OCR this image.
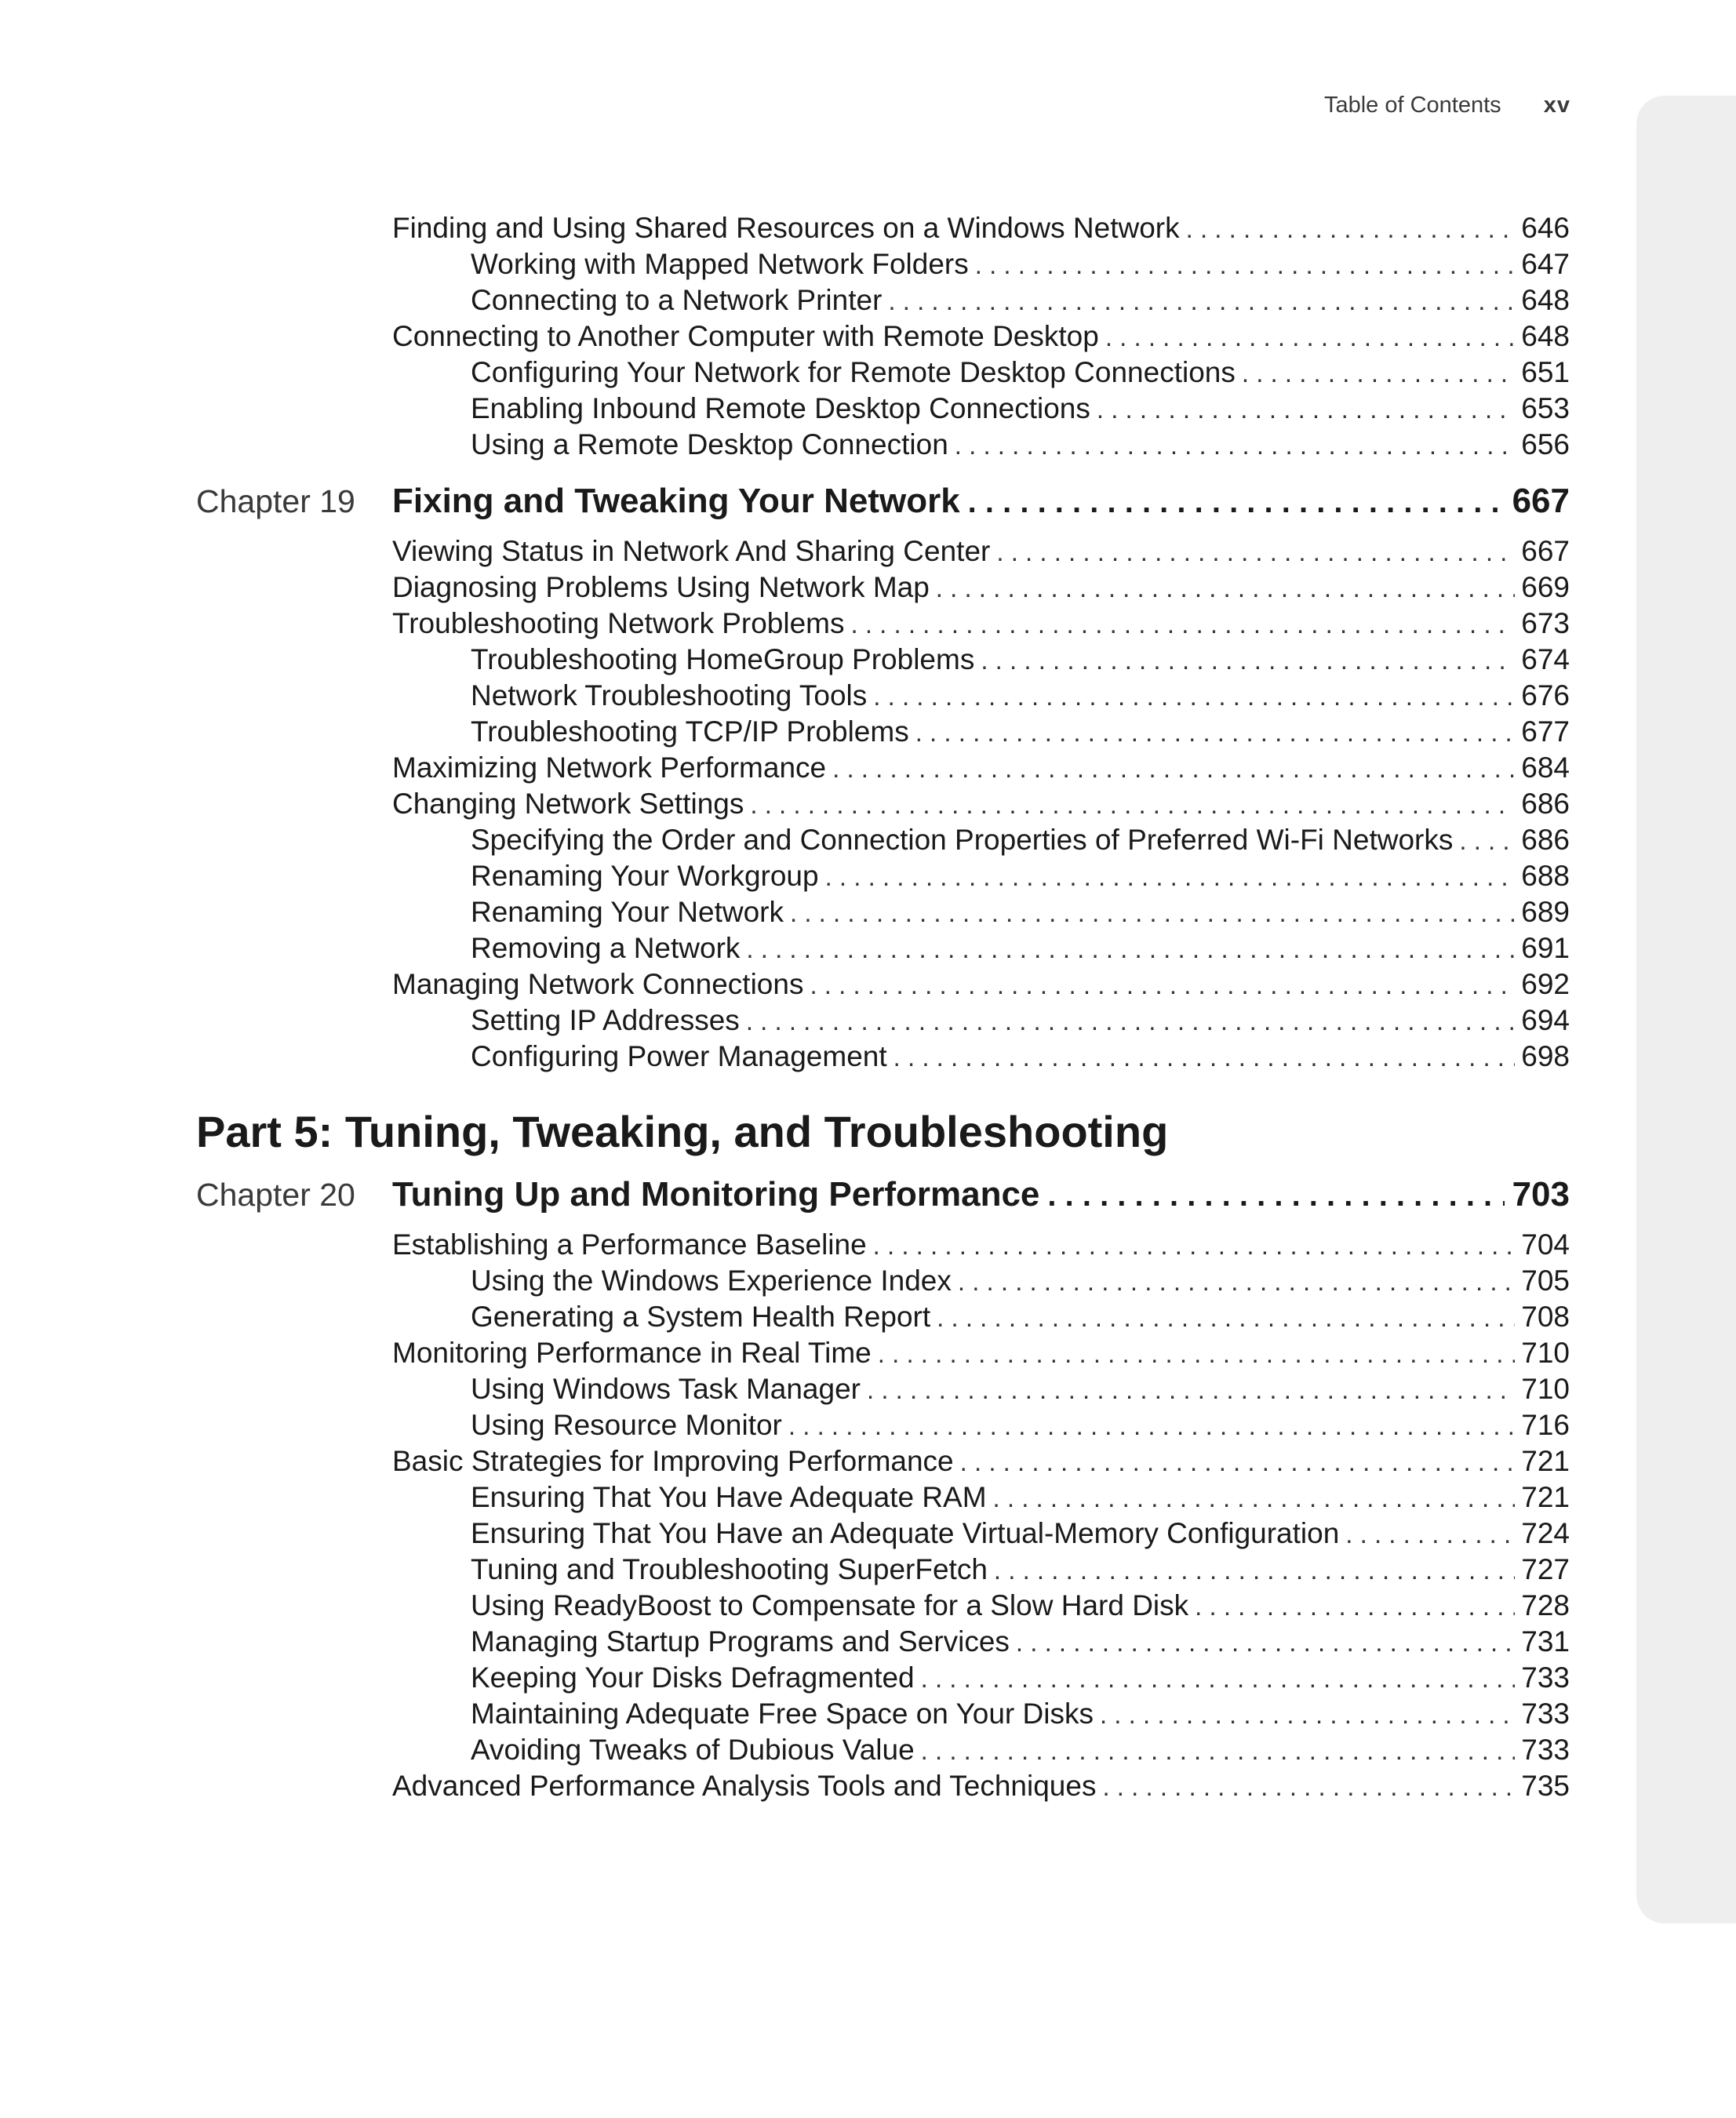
Table of Contents xv
Finding and Using Shared Resources on a Windows Network . . .	646
Working with Mapped Network Folders . . .	647
Connecting to a Network Printer . . .	648
Connecting to Another Computer with Remote Desktop . . .	648
Configuring Your Network for Remote Desktop Connections . . .	651
Enabling Inbound Remote Desktop Connections . . .	653
Using a Remote Desktop Connection . . .	656
Chapter 19	Fixing and Tweaking Your Network . . .	667
Viewing Status in Network And Sharing Center . . .	667
Diagnosing Problems Using Network Map . . .	669
Troubleshooting Network Problems . . .	673
Troubleshooting HomeGroup Problems . . .	674
Network Troubleshooting Tools . . .	676
Troubleshooting TCP/IP Problems . . .	677
Maximizing Network Performance . . .	684
Changing Network Settings . . .	686
Specifying the Order and Connection Properties of Preferred Wi-Fi Networks . . . 686
Renaming Your Workgroup . . .	688
Renaming Your Network . . .	689
Removing a Network . . .	691
Managing Network Connections . . .	692
Setting IP Addresses . . .	694
Configuring Power Management . . .	698
Part 5: Tuning, Tweaking, and Troubleshooting
Chapter 20	Tuning Up and Monitoring Performance . . .	703
Establishing a Performance Baseline . . .	704
Using the Windows Experience Index . . .	705
Generating a System Health Report . . .	708
Monitoring Performance in Real Time . . .	710
Using Windows Task Manager . . .	710
Using Resource Monitor . . .	716
Basic Strategies for Improving Performance . . .	721
Ensuring That You Have Adequate RAM . . .	721
Ensuring That You Have an Adequate Virtual-Memory Configuration . . .	724
Tuning and Troubleshooting SuperFetch . . .	727
Using ReadyBoost to Compensate for a Slow Hard Disk . . .	728
Managing Startup Programs and Services . . .	731
Keeping Your Disks Defragmented . . .	733
Maintaining Adequate Free Space on Your Disks . . .	733
Avoiding Tweaks of Dubious Value . . .	733
Advanced Performance Analysis Tools and Techniques . . .	735
